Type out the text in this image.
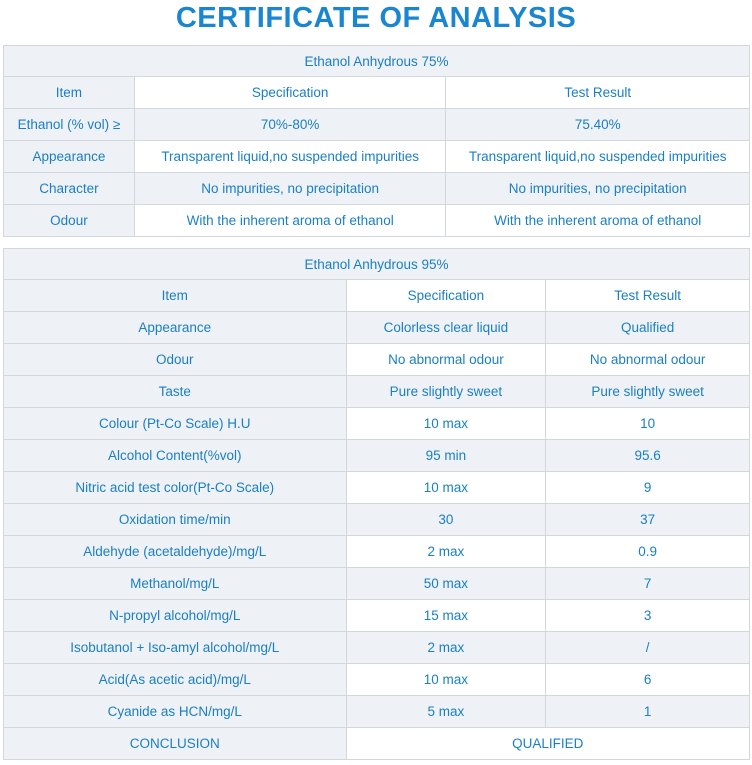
CERTIFICATE OF ANALYSIS
Ethanol Anhydrous 75%		
Item	Specification	Test Result
Ethanol (% vol) ≥	70%-80%	75.40%
Appearance	Transparent liquid,no suspended impurities	Transparent liquid,no suspended impurities
Character	No impurities, no precipitation	No impurities, no precipitation
Odour	With the inherent aroma of ethanol	With the inherent aroma of ethanol
Ethanol Anhydrous 95%		
Item	Specification	Test Result
Appearance	Colorless clear liquid	Qualified
Odour	No abnormal odour	No abnormal odour
Taste	Pure slightly sweet	Pure slightly sweet
Colour (Pt-Co Scale) H.U	10 max	10
Alcohol Content(%vol)	95 min	95.6
Nitric acid test color(Pt-Co Scale)	10 max	9
Oxidation time/min	30	37
Aldehyde (acetaldehyde)/mg/L	2 max	0.9
Methanol/mg/L	50 max	7
N-propyl alcohol/mg/L	15 max	3
Isobutanol + Iso-amyl alcohol/mg/L	2 max	/
Acid(As acetic acid)/mg/L	10 max	6
Cyanide as HCN/mg/L	5 max	1
CONCLUSION	QUALIFIED	
